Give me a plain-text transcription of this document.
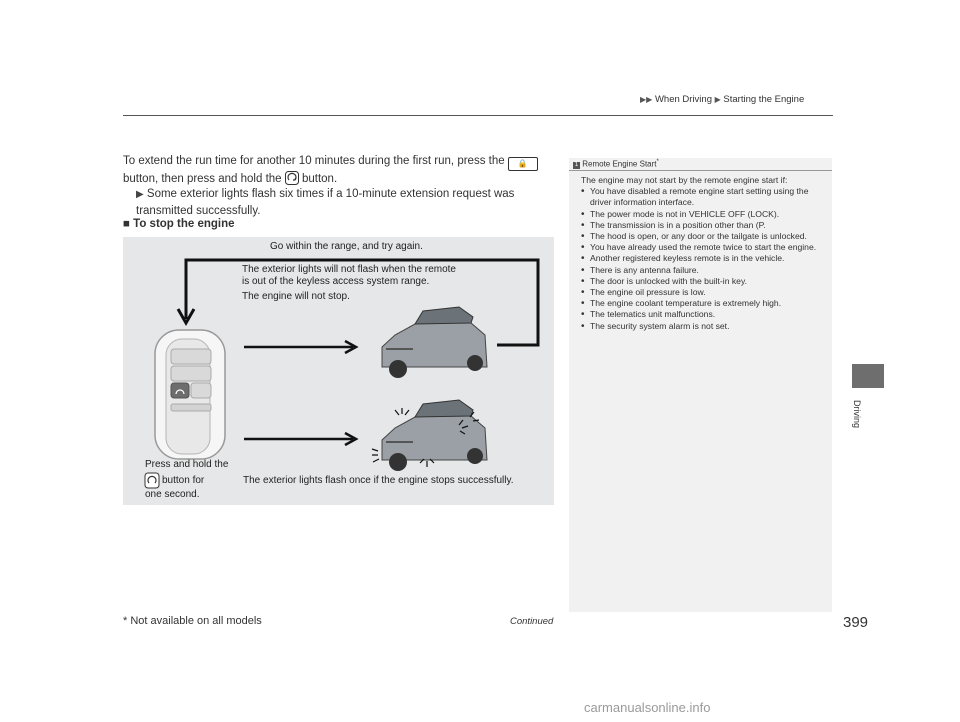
▶▶ When Driving ▶ Starting the Engine
Driving
To extend the run time for another 10 minutes during the first run, press the 🔒
button, then press and hold the button.
▶ Some exterior lights flash six times if a 10-minute extension request was transmitted successfully.
■ To stop the engine
Go within the range, and try again.
The exterior lights will not flash when the remote
is out of the keyless access system range.
The engine will not stop.
Press and hold the
button for
one second.
The exterior lights flash once if the engine stops successfully.
1 Remote Engine Start*
The engine may not start by the remote engine start if:
• You have disabled a remote engine start setting using the driver information interface.
• The power mode is not in VEHICLE OFF (LOCK).
• The transmission is in a position other than (P.
• The hood is open, or any door or the tailgate is unlocked.
• You have already used the remote twice to start the engine.
• Another registered keyless remote is in the vehicle.
• There is any antenna failure.
• The door is unlocked with the built-in key.
• The engine oil pressure is low.
• The engine coolant temperature is extremely high.
• The telematics unit malfunctions.
• The security system alarm is not set.
* Not available on all models	Continued	399
carmanualsonline.info
